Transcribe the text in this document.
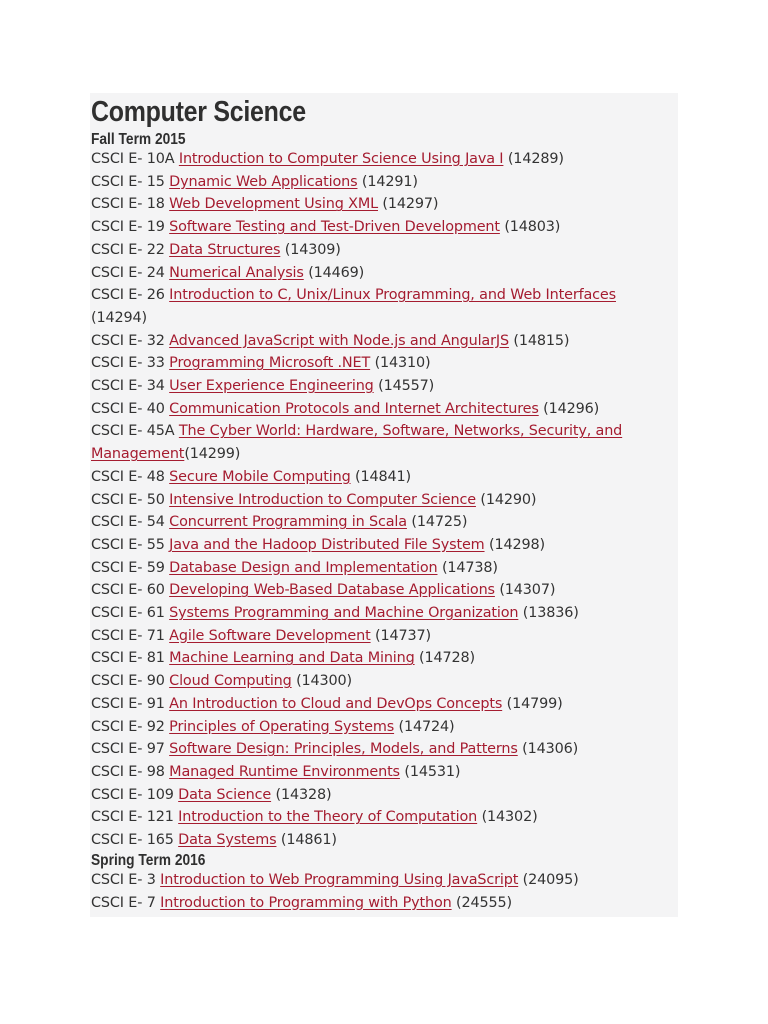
Computer Science
Fall Term 2015
CSCI E- 10A Introduction to Computer Science Using Java I (14289)
CSCI E- 15 Dynamic Web Applications (14291)
CSCI E- 18 Web Development Using XML (14297)
CSCI E- 19 Software Testing and Test-Driven Development (14803)
CSCI E- 22 Data Structures (14309)
CSCI E- 24 Numerical Analysis (14469)
CSCI E- 26 Introduction to C, Unix/Linux Programming, and Web Interfaces (14294)
CSCI E- 32 Advanced JavaScript with Node.js and AngularJS (14815)
CSCI E- 33 Programming Microsoft .NET (14310)
CSCI E- 34 User Experience Engineering (14557)
CSCI E- 40 Communication Protocols and Internet Architectures (14296)
CSCI E- 45A The Cyber World: Hardware, Software, Networks, Security, and Management(14299)
CSCI E- 48 Secure Mobile Computing (14841)
CSCI E- 50 Intensive Introduction to Computer Science (14290)
CSCI E- 54 Concurrent Programming in Scala (14725)
CSCI E- 55 Java and the Hadoop Distributed File System (14298)
CSCI E- 59 Database Design and Implementation (14738)
CSCI E- 60 Developing Web-Based Database Applications (14307)
CSCI E- 61 Systems Programming and Machine Organization (13836)
CSCI E- 71 Agile Software Development (14737)
CSCI E- 81 Machine Learning and Data Mining (14728)
CSCI E- 90 Cloud Computing (14300)
CSCI E- 91 An Introduction to Cloud and DevOps Concepts (14799)
CSCI E- 92 Principles of Operating Systems (14724)
CSCI E- 97 Software Design: Principles, Models, and Patterns (14306)
CSCI E- 98 Managed Runtime Environments (14531)
CSCI E- 109 Data Science (14328)
CSCI E- 121 Introduction to the Theory of Computation (14302)
CSCI E- 165 Data Systems (14861)
Spring Term 2016
CSCI E- 3 Introduction to Web Programming Using JavaScript (24095)
CSCI E- 7 Introduction to Programming with Python (24555)
